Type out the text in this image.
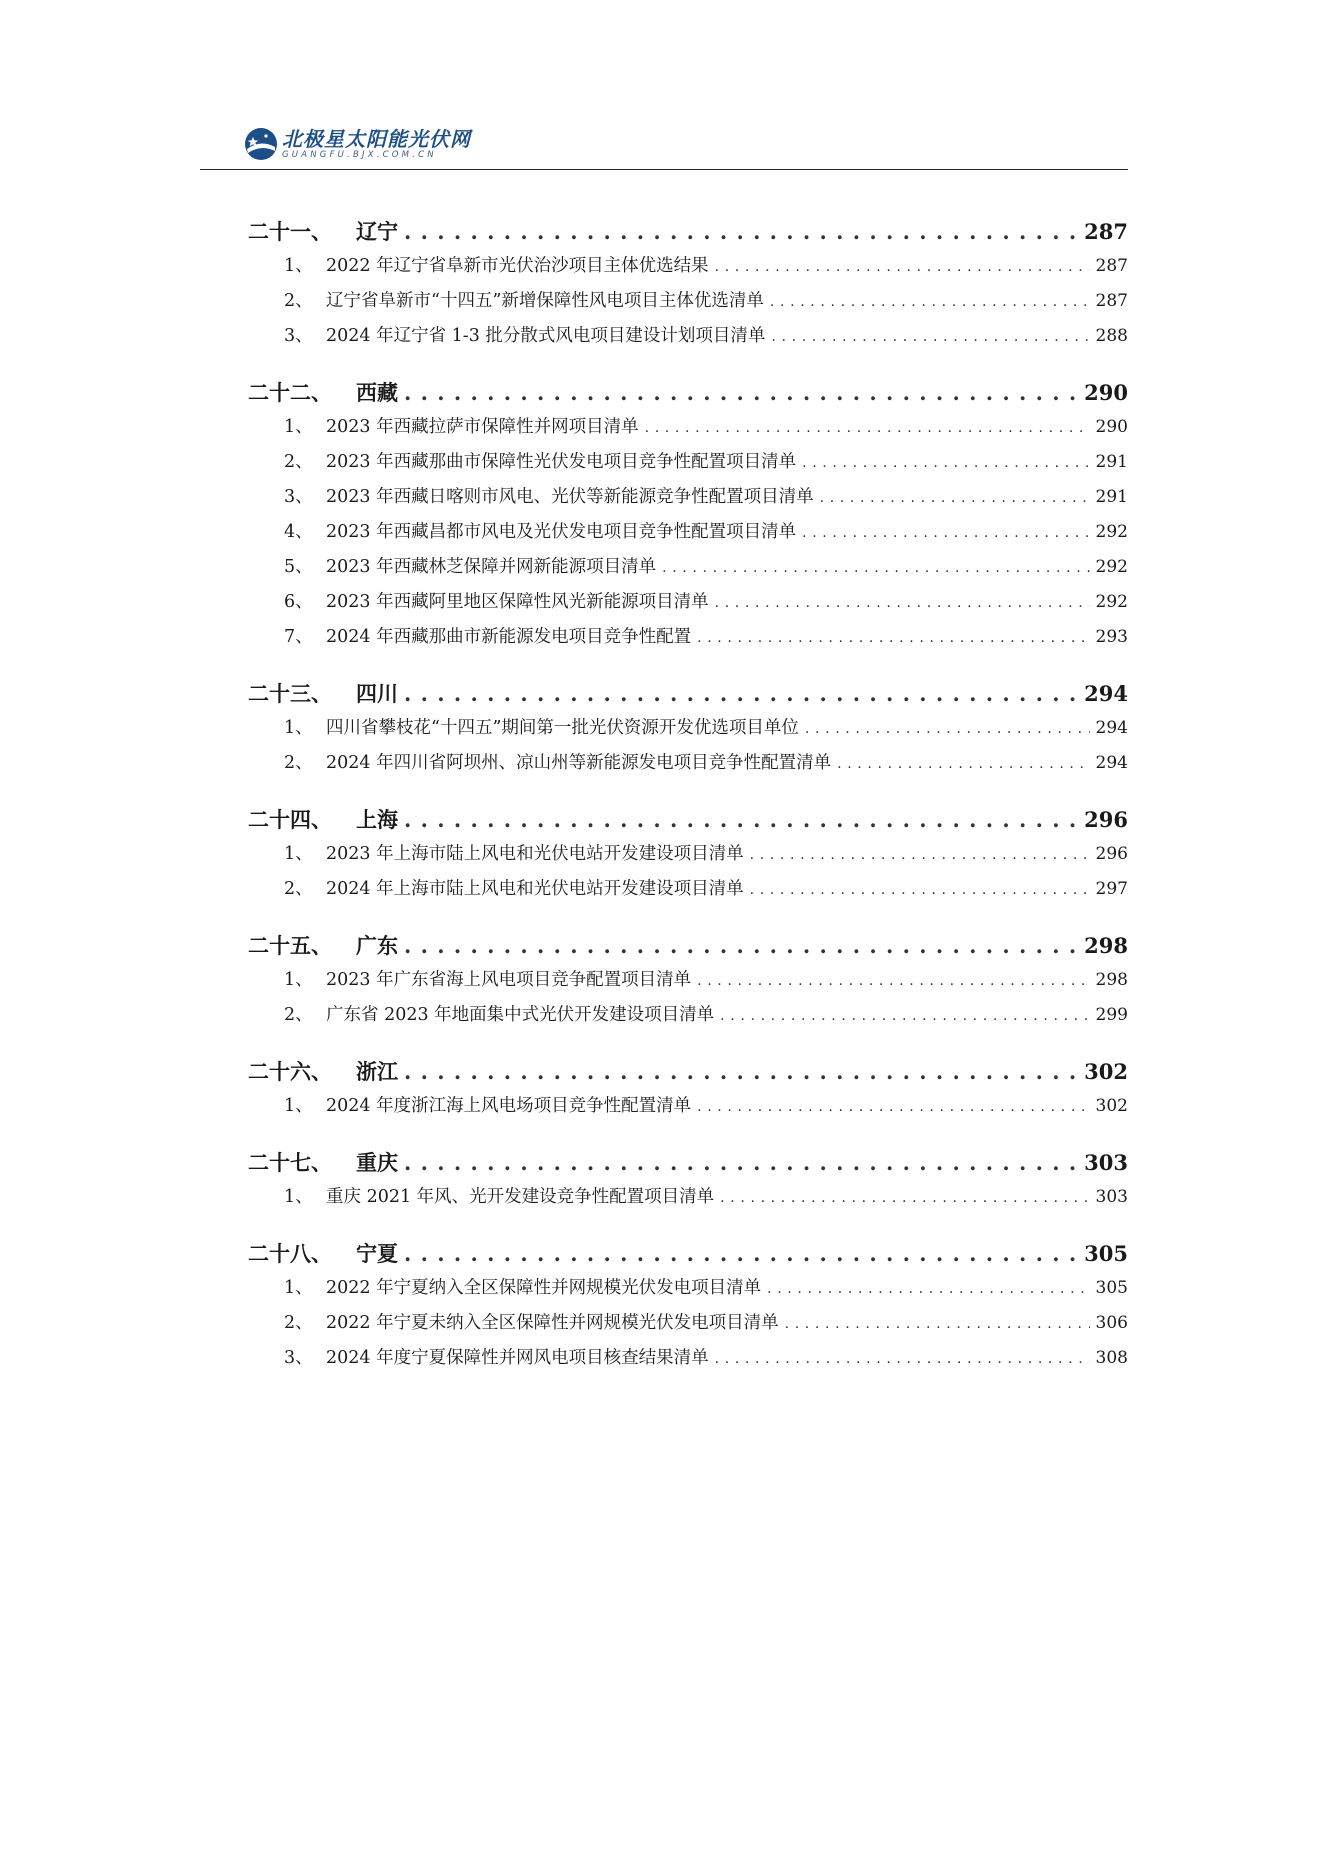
北极星太阳能光伏网
GUANGFU.BJX.COM.CN
二十一、	辽宁 . . .	287
1、 2022 年辽宁省阜新市光伏治沙项目主体优选结果 . . .	287
2、 辽宁省阜新市“十四五”新增保障性风电项目主体优选清单 . . .	287
3、 2024 年辽宁省 1-3 批分散式风电项目建设计划项目清单 . . .	288
二十二、	西藏 . . .	290
1、 2023 年西藏拉萨市保障性并网项目清单 . . .	290
2、 2023 年西藏那曲市保障性光伏发电项目竞争性配置项目清单 . . .	291
3、 2023 年西藏日喀则市风电、光伏等新能源竞争性配置项目清单 . . .	291
4、 2023 年西藏昌都市风电及光伏发电项目竞争性配置项目清单 . . .	292
5、 2023 年西藏林芝保障并网新能源项目清单 . . .	292
6、 2023 年西藏阿里地区保障性风光新能源项目清单 . . .	292
7、 2024 年西藏那曲市新能源发电项目竞争性配置 . . .	293
二十三、	四川 . . .	294
1、 四川省攀枝花“十四五”期间第一批光伏资源开发优选项目单位 . . .	294
2、 2024 年四川省阿坝州、凉山州等新能源发电项目竞争性配置清单 . . .	294
二十四、	上海 . . .	296
1、 2023 年上海市陆上风电和光伏电站开发建设项目清单 . . .	296
2、 2024 年上海市陆上风电和光伏电站开发建设项目清单 . . .	297
二十五、	广东 . . .	298
1、 2023 年广东省海上风电项目竞争配置项目清单 . . .	298
2、 广东省 2023 年地面集中式光伏开发建设项目清单 . . .	299
二十六、	浙江 . . .	302
1、 2024 年度浙江海上风电场项目竞争性配置清单 . . .	302
二十七、	重庆 . . .	303
1、 重庆 2021 年风、光开发建设竞争性配置项目清单 . . .	303
二十八、	宁夏 . . .	305
1、 2022 年宁夏纳入全区保障性并网规模光伏发电项目清单 . . .	305
2、 2022 年宁夏未纳入全区保障性并网规模光伏发电项目清单 . . .	306
3、 2024 年度宁夏保障性并网风电项目核查结果清单 . . .	308
